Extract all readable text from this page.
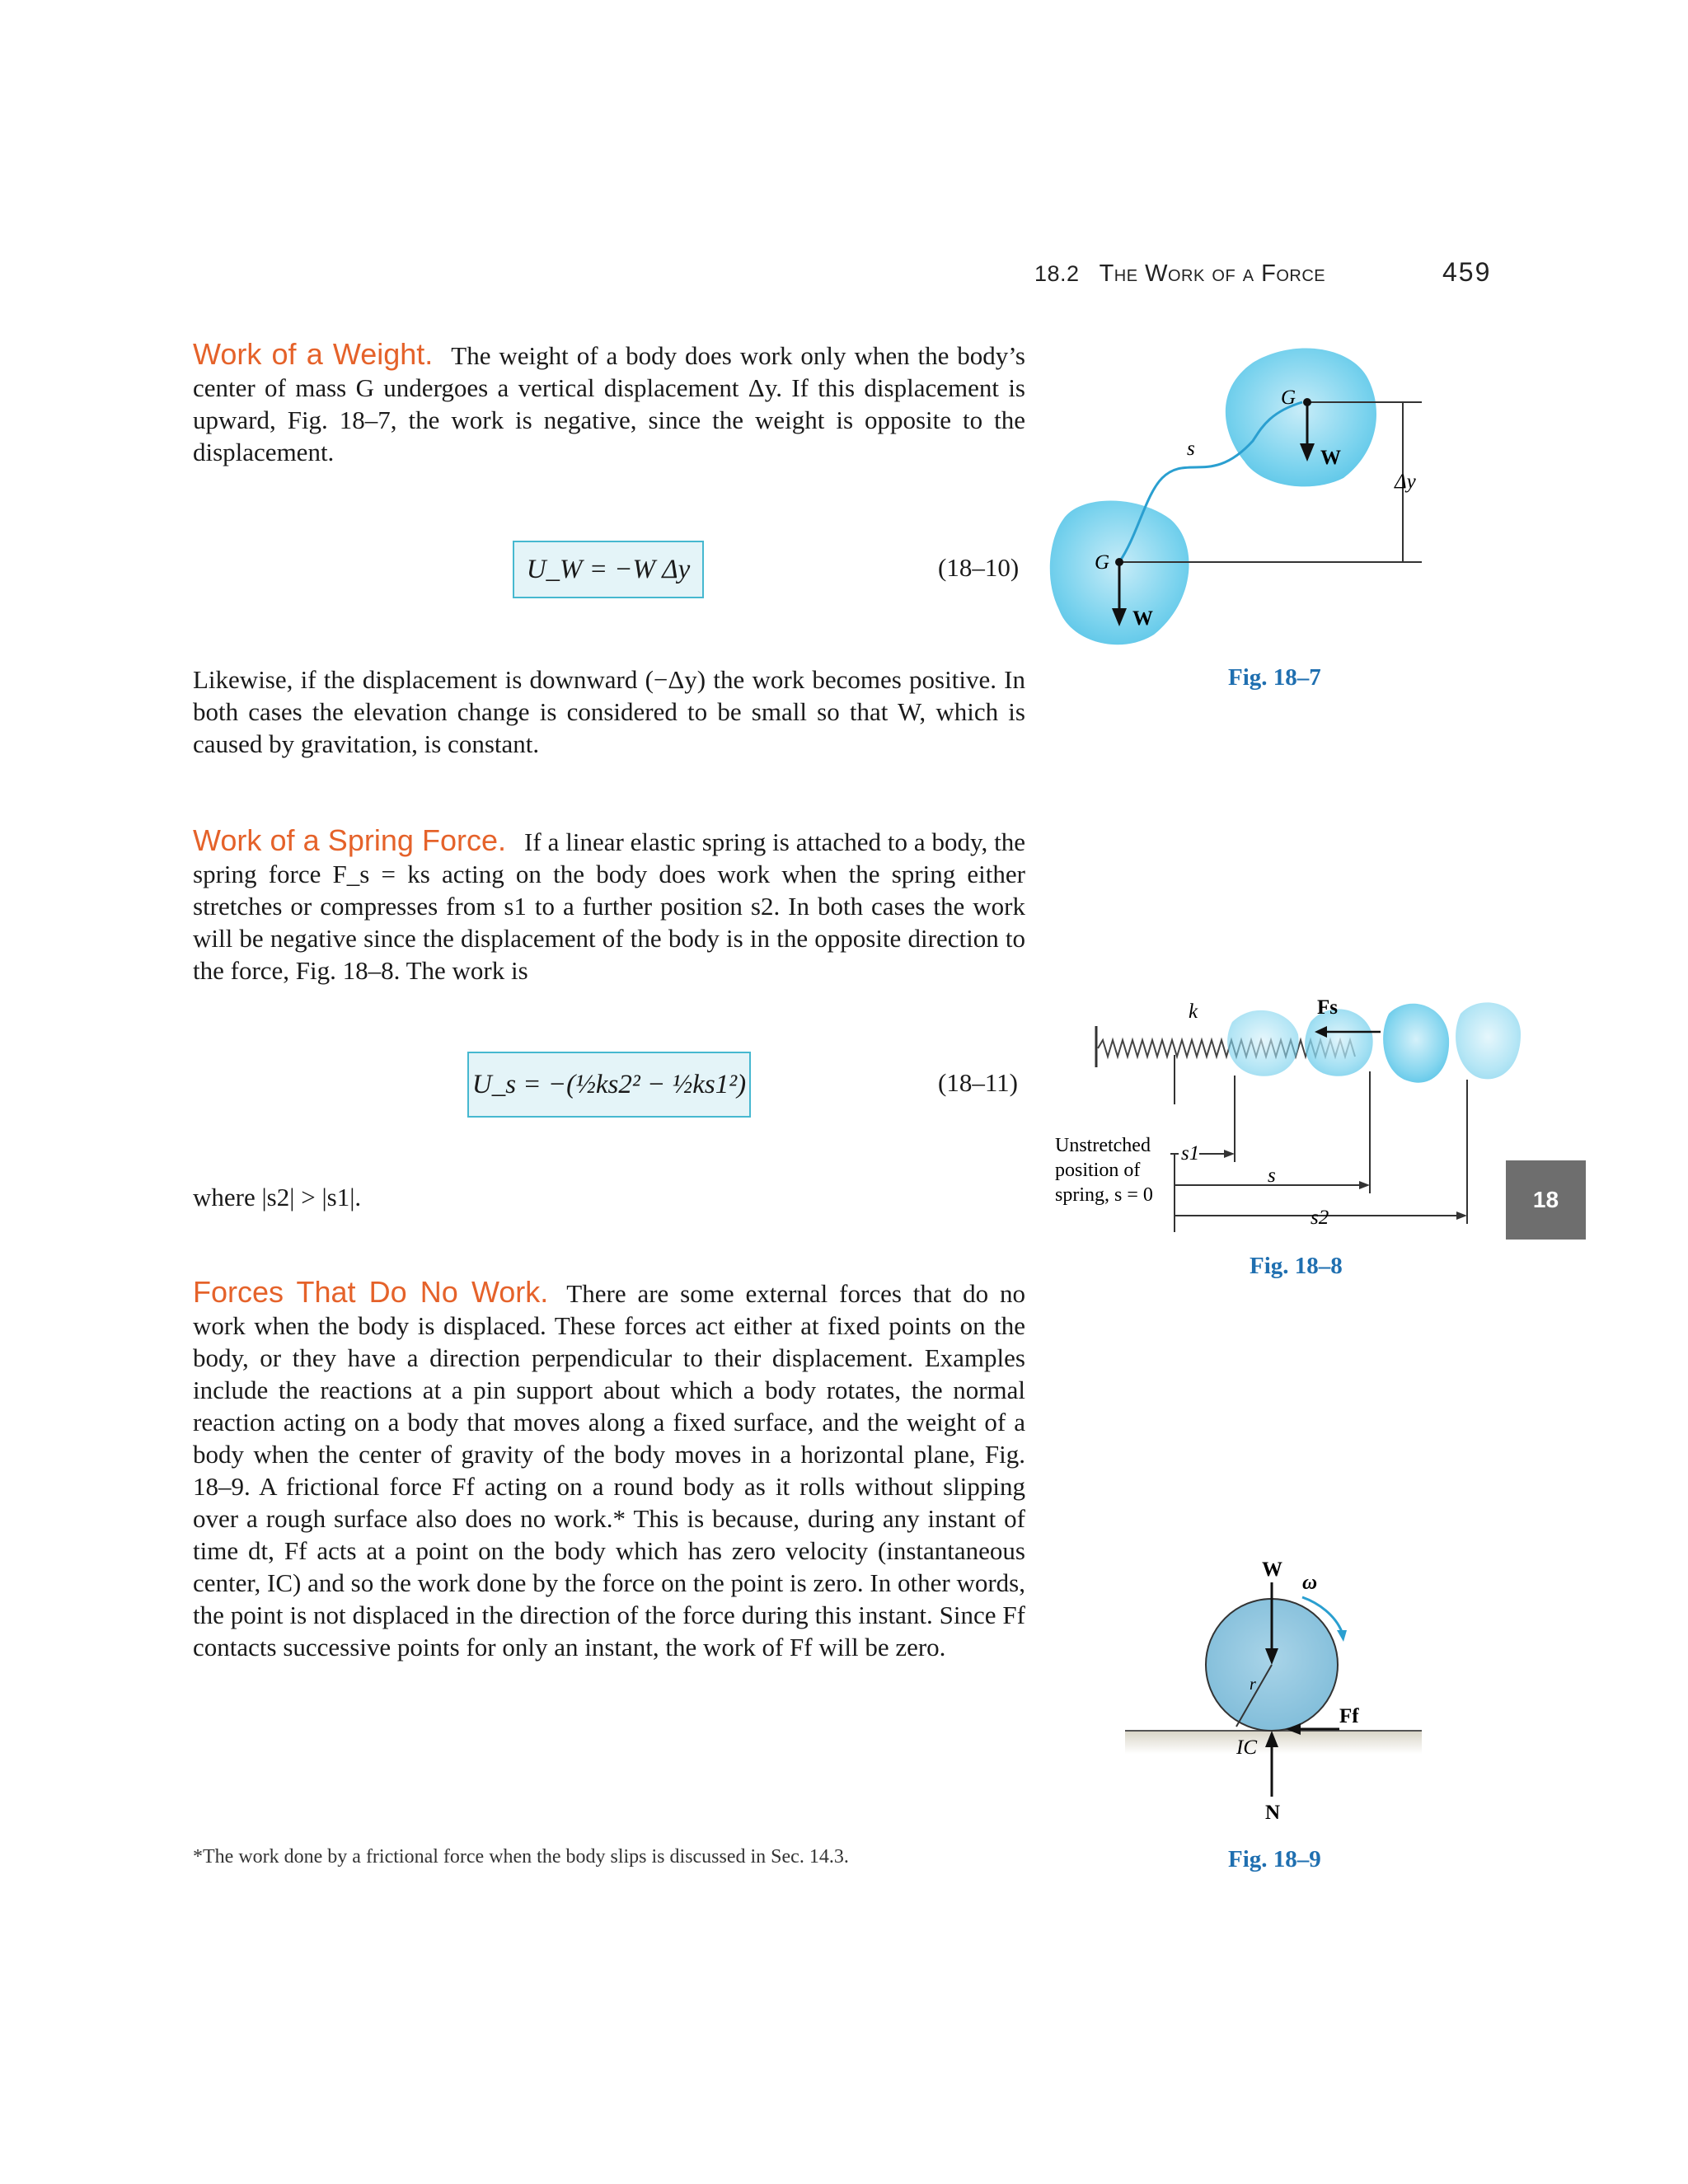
18.2 The Work of a Force	459
Work of a Weight. The weight of a body does work only when the body’s center of mass G undergoes a vertical displacement Δy. If this displacement is upward, Fig. 18–7, the work is negative, since the weight is opposite to the displacement.
U_W = −W Δy	(18–10)
Likewise, if the displacement is downward (−Δy) the work becomes positive. In both cases the elevation change is considered to be small so that W, which is caused by gravitation, is constant.
Work of a Spring Force. If a linear elastic spring is attached to a body, the spring force F_s = ks acting on the body does work when the spring either stretches or compresses from s1 to a further position s2. In both cases the work will be negative since the displacement of the body is in the opposite direction to the force, Fig. 18–8. The work is
U_s = −(½ks2² − ½ks1²)	(18–11)
where |s2| > |s1|.
Forces That Do No Work. There are some external forces that do no work when the body is displaced. These forces act either at fixed points on the body, or they have a direction perpendicular to their displacement. Examples include the reactions at a pin support about which a body rotates, the normal reaction acting on a body that moves along a fixed surface, and the weight of a body when the center of gravity of the body moves in a horizontal plane, Fig. 18–9. A frictional force Ff acting on a round body as it rolls without slipping over a rough surface also does no work.* This is because, during any instant of time dt, Ff acts at a point on the body which has zero velocity (instantaneous center, IC) and so the work done by the force on the point is zero. In other words, the point is not displaced in the direction of the force during this instant. Since Ff contacts successive points for only an instant, the work of Ff will be zero.
*The work done by a frictional force when the body slips is discussed in Sec. 14.3.
18
G
G
W
W
s
Δy
Fig. 18–7
k	Fs
Unstretched
position of
spring, s = 0
s1
s
s2
Fig. 18–8
W
ω
r
Ff
IC
N
Fig. 18–9
